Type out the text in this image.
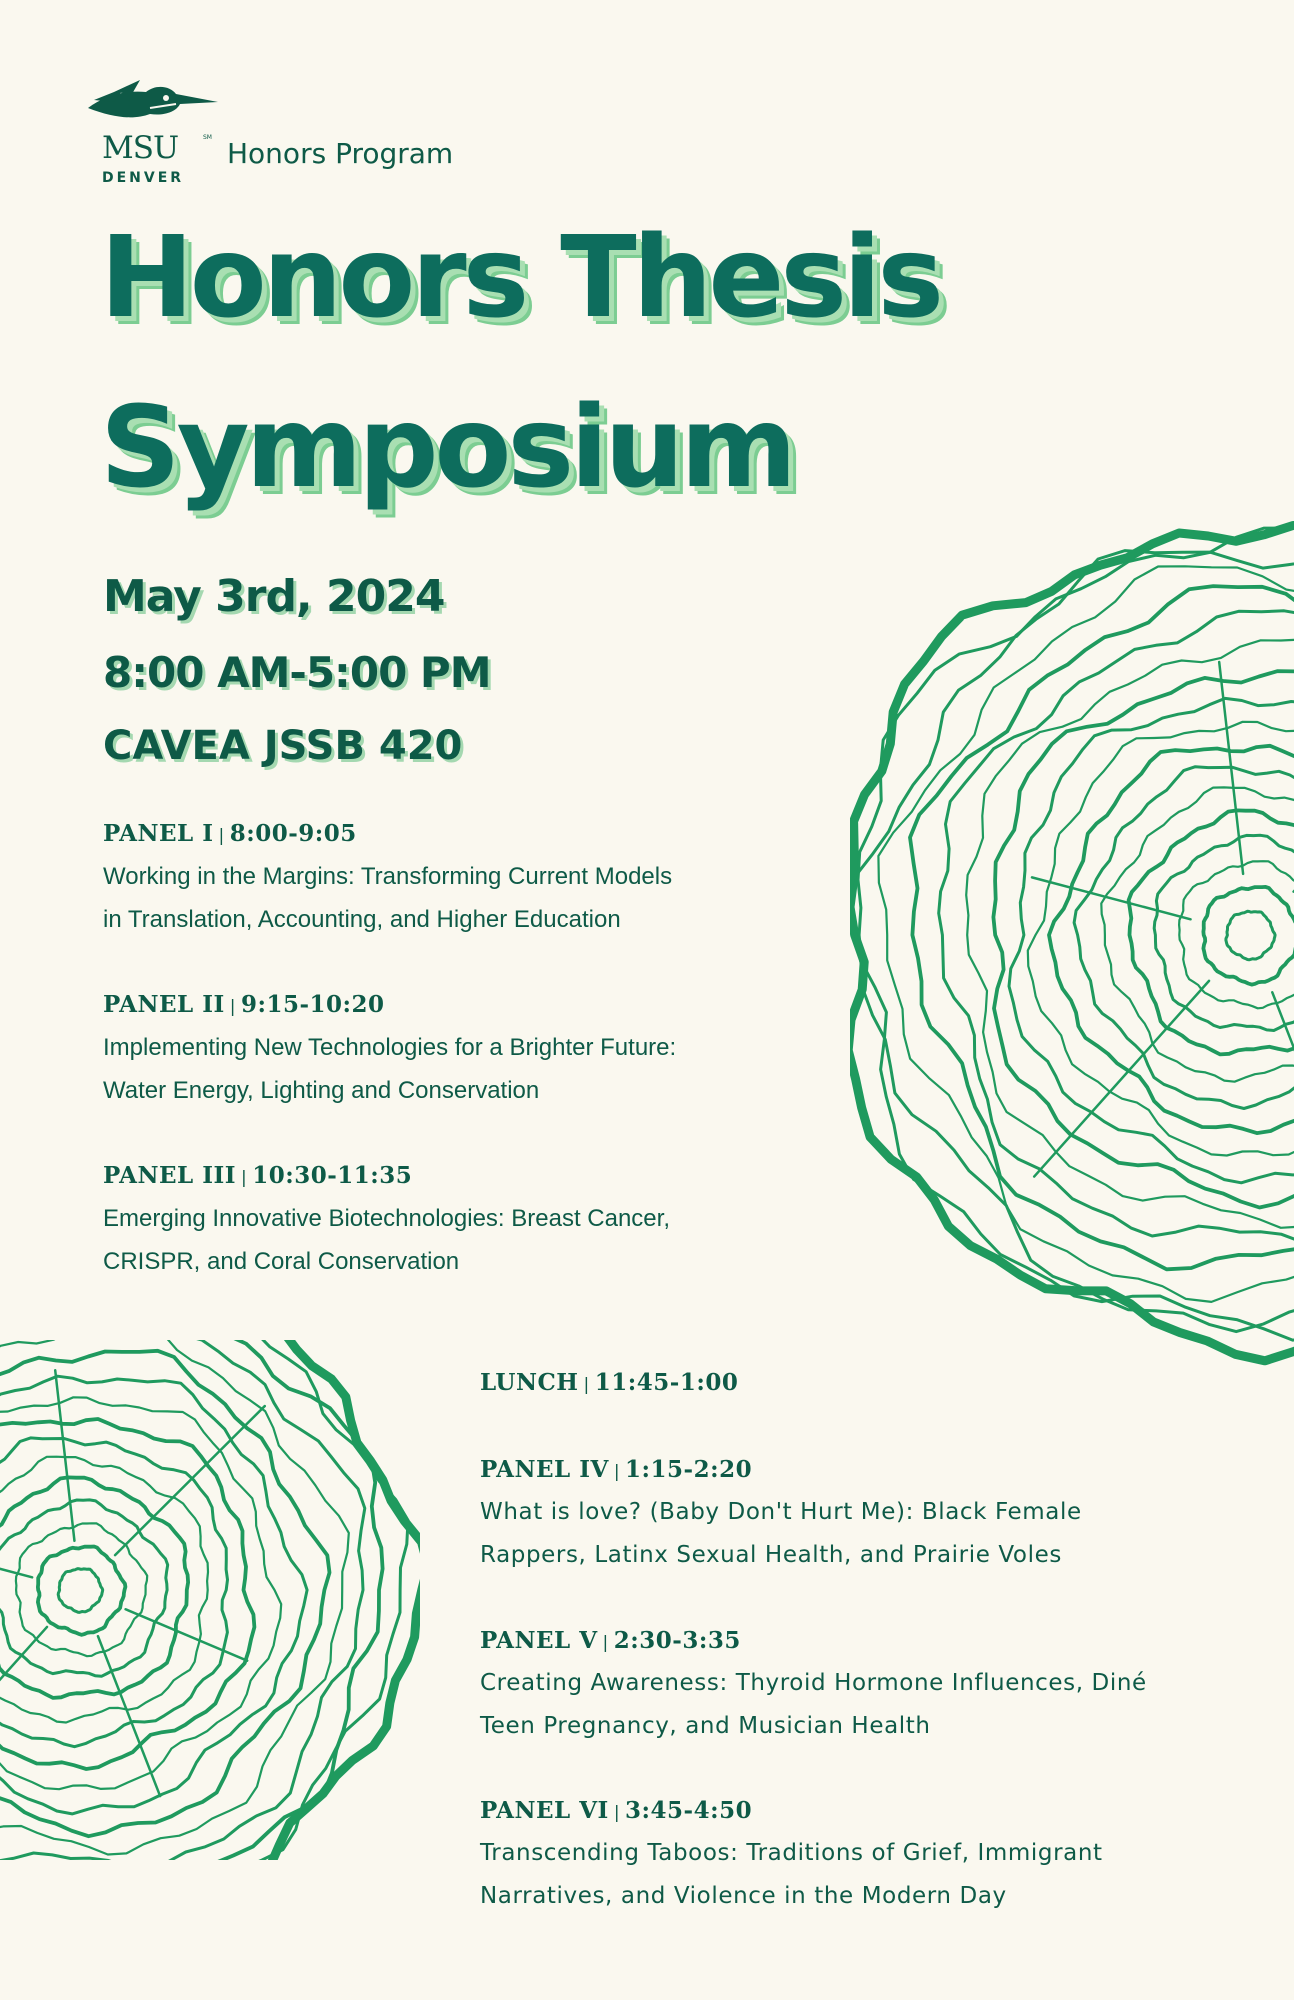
MSU	SM
DENVER
Honors Program
Honors Thesis
Symposium
May 3rd, 2024
8:00 AM-5:00 PM
CAVEA JSSB 420
PANEL I | 8:00-9:05
Working in the Margins: Transforming Current Models
in Translation, Accounting, and Higher Education
PANEL II | 9:15-10:20
Implementing New Technologies for a Brighter Future:
Water Energy, Lighting and Conservation
PANEL III | 10:30-11:35
Emerging Innovative Biotechnologies: Breast Cancer,
CRISPR, and Coral Conservation
LUNCH | 11:45-1:00
PANEL IV | 1:15-2:20
What is love? (Baby Don't Hurt Me): Black Female
Rappers, Latinx Sexual Health, and Prairie Voles
PANEL V | 2:30-3:35
Creating Awareness: Thyroid Hormone Influences, Diné
Teen Pregnancy, and Musician Health
PANEL VI | 3:45-4:50
Transcending Taboos: Traditions of Grief, Immigrant
Narratives, and Violence in the Modern Day
